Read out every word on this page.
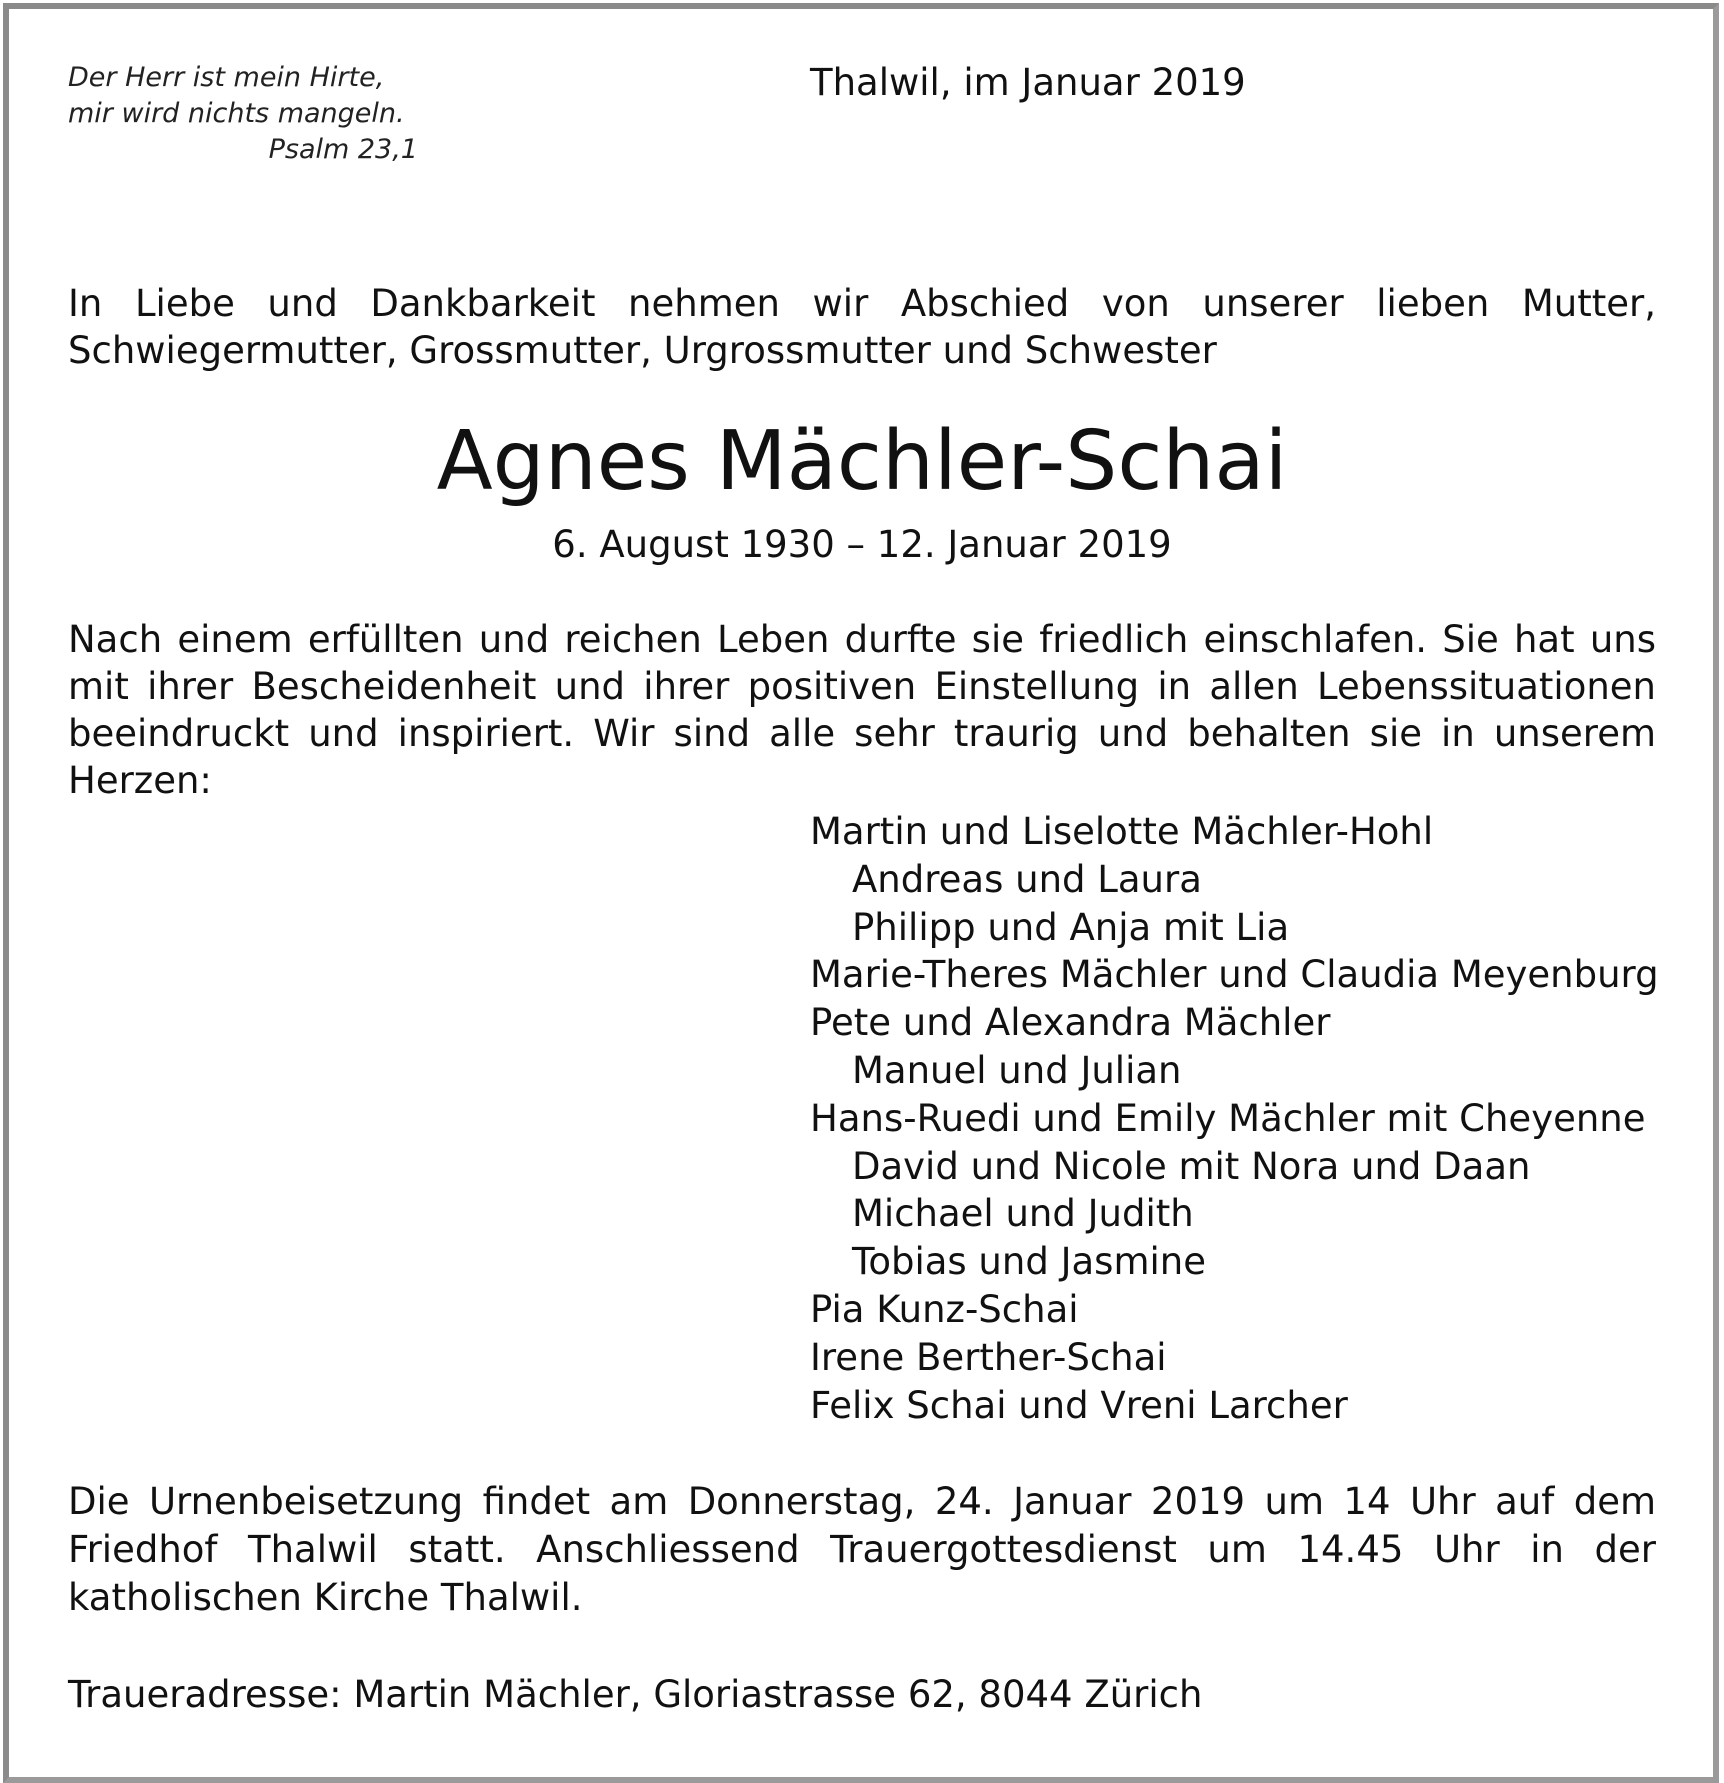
Der Herr ist mein Hirte,
mir wird nichts mangeln.
Psalm 23,1
Thalwil, im Januar 2019
In Liebe und Dankbarkeit nehmen wir Abschied von unserer lieben Mutter, Schwiegermutter, Grossmutter, Urgrossmutter und Schwester
Agnes Mächler-Schai
6. August 1930 – 12. Januar 2019
Nach einem erfüllten und reichen Leben durfte sie friedlich einschlafen. Sie hat uns mit ihrer Bescheidenheit und ihrer positiven Einstellung in allen Lebenssituationen beeindruckt und inspiriert. Wir sind alle sehr traurig und behalten sie in unserem Herzen:
Martin und Liselotte Mächler-Hohl
Andreas und Laura
Philipp und Anja mit Lia
Marie-Theres Mächler und Claudia Meyenburg
Pete und Alexandra Mächler
Manuel und Julian
Hans-Ruedi und Emily Mächler mit Cheyenne
David und Nicole mit Nora und Daan
Michael und Judith
Tobias und Jasmine
Pia Kunz-Schai
Irene Berther-Schai
Felix Schai und Vreni Larcher
Die Urnenbeisetzung findet am Donnerstag, 24. Januar 2019 um 14 Uhr auf dem Friedhof Thalwil statt. Anschliessend Trauergottesdienst um 14.45 Uhr in der katholischen Kirche Thalwil.
Traueradresse: Martin Mächler, Gloriastrasse 62, 8044 Zürich
